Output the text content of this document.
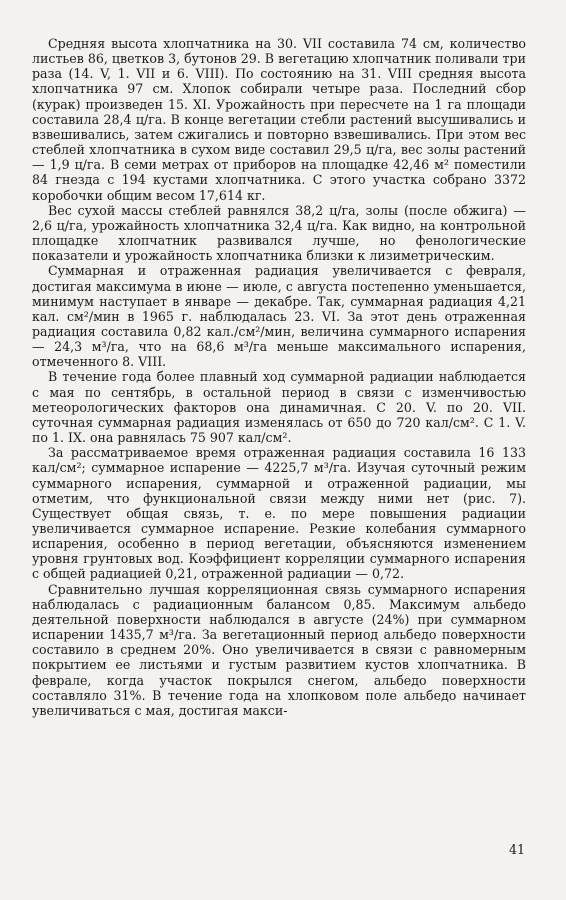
Средняя высота хлопчатника на 30. VII составила 74 см, количество листьев 86, цветков 3, бутонов 29. В вегетацию хлопчатник поливали три раза (14. V, 1. VII и 6. VIII). По состоянию на 31. VIII средняя высота хлопчатника 97 см. Хлопок собирали четыре раза. Последний сбор (курак) произведен 15. XI. Урожайность при пересчете на 1 га площади составила 28,4 ц/га. В конце вегетации стебли растений высушивались и взвешивались, затем сжигались и повторно взвешивались. При этом вес стеблей хлопчатника в сухом виде составил 29,5 ц/га, вес золы растений — 1,9 ц/га. В семи метрах от приборов на площадке 42,46 м² поместили 84 гнезда с 194 кустами хлопчатника. С этого участка собрано 3372 коробочки общим весом 17,614 кг.

Вес сухой массы стеблей равнялся 38,2 ц/га, золы (после обжига) — 2,6 ц/га, урожайность хлопчатника 32,4 ц/га. Как видно, на контрольной площадке хлопчатник развивался лучше, но фенологические показатели и урожайность хлопчатника близки к лизиметрическим.

Суммарная и отраженная радиация увеличивается с февраля, достигая максимума в июне — июле, с августа постепенно уменьшается, минимум наступает в январе — декабре. Так, суммарная радиация 4,21 кал. см²/мин в 1965 г. наблюдалась 23. VI. За этот день отраженная радиация составила 0,82 кал./см²/мин, величина суммарного испарения — 24,3 м³/га, что на 68,6 м³/га меньше максимального испарения, отмеченного 8. VIII.

В течение года более плавный ход суммарной радиации наблюдается с мая по сентябрь, в остальной период в связи с изменчивостью метеорологических факторов она динамичная. С 20. V. по 20. VII. суточная суммарная радиация изменялась от 650 до 720 кал/см². С 1. V. по 1. IX. она равнялась 75 907 кал/см².

За рассматриваемое время отраженная радиация составила 16 133 кал/см²; суммарное испарение — 4225,7 м³/га. Изучая суточный режим суммарного испарения, суммарной и отраженной радиации, мы отметим, что функциональной связи между ними нет (рис. 7). Существует общая связь, т. е. по мере повышения радиации увеличивается суммарное испарение. Резкие колебания суммарного испарения, особенно в период вегетации, объясняются изменением уровня грунтовых вод. Коэффициент корреляции суммарного испарения с общей радиацией 0,21, отраженной радиации — 0,72.

Сравнительно лучшая корреляционная связь суммарного испарения наблюдалась с радиационным балансом 0,85. Максимум альбедо деятельной поверхности наблюдался в августе (24%) при суммарном испарении 1435,7 м³/га. За вегетационный период альбедо поверхности составило в среднем 20%. Оно увеличивается в связи с равномерным покрытием ее листьями и густым развитием кустов хлопчатника. В феврале, когда участок покрылся снегом, альбедо поверхности составляло 31%. В течение года на хлопковом поле альбедо начинает увеличиваться с мая, достигая макси-

41
